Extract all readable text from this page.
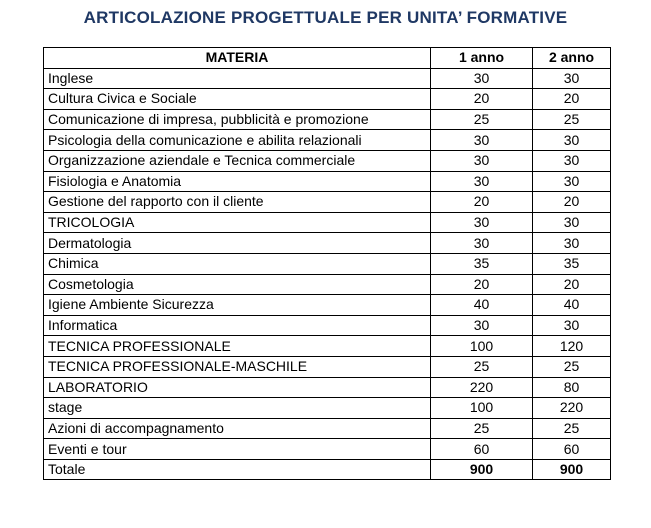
ARTICOLAZIONE PROGETTUALE PER UNITA’ FORMATIVE
MATERIA	1 anno	2 anno
Inglese	30	30
Cultura Civica e Sociale	20	20
Comunicazione di impresa, pubblicità e promozione	25	25
Psicologia della comunicazione e abilita relazionali	30	30
Organizzazione aziendale e Tecnica commerciale	30	30
Fisiologia e Anatomia	30	30
Gestione del rapporto con il cliente	20	20
TRICOLOGIA	30	30
Dermatologia	30	30
Chimica	35	35
Cosmetologia	20	20
Igiene Ambiente Sicurezza	40	40
Informatica	30	30
TECNICA PROFESSIONALE	100	120
TECNICA PROFESSIONALE-MASCHILE	25	25
LABORATORIO	220	80
stage	100	220
Azioni di accompagnamento	25	25
Eventi e tour	60	60
Totale	900	900
